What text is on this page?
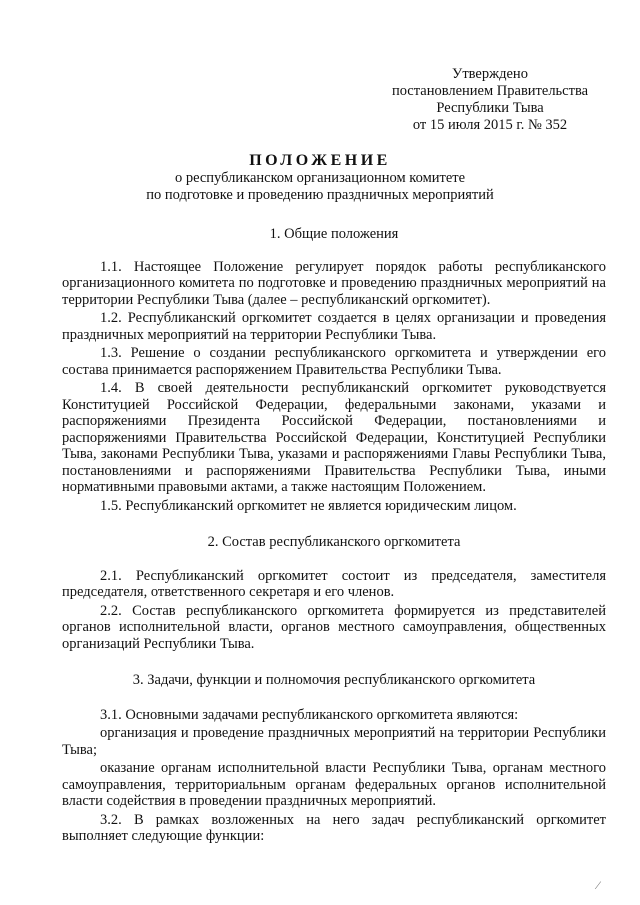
Утверждено
постановлением Правительства
Республики Тыва
от 15 июля 2015 г. № 352
ПОЛОЖЕНИЕ
о республиканском организационном комитете
по подготовке и проведению праздничных мероприятий
1. Общие положения

1.1. Настоящее Положение регулирует порядок работы республиканского организационного комитета по подготовке и проведению праздничных мероприятий на территории Республики Тыва (далее – республиканский оргкомитет).

1.2. Республиканский оргкомитет создается в целях организации и проведения праздничных мероприятий на территории Республики Тыва.

1.3. Решение о создании республиканского оргкомитета и утверждении его состава принимается распоряжением Правительства Республики Тыва.

1.4. В своей деятельности республиканский оргкомитет руководствуется Конституцией Российской Федерации, федеральными законами, указами и распоряжениями Президента Российской Федерации, постановлениями и распоряжениями Правительства Российской Федерации, Конституцией Республики Тыва, законами Республики Тыва, указами и распоряжениями Главы Республики Тыва, постановлениями и распоряжениями Правительства Республики Тыва, иными нормативными правовыми актами, а также настоящим Положением.

1.5. Республиканский оргкомитет не является юридическим лицом.

2. Состав республиканского оргкомитета

2.1. Республиканский оргкомитет состоит из председателя, заместителя председателя, ответственного секретаря и его членов.

2.2. Состав республиканского оргкомитета формируется из представителей органов исполнительной власти, органов местного самоуправления, общественных организаций Республики Тыва.

3. Задачи, функции и полномочия республиканского оргкомитета

3.1. Основными задачами республиканского оргкомитета являются:

организация и проведение праздничных мероприятий на территории Республики Тыва;

оказание органам исполнительной власти Республики Тыва, органам местного самоуправления, территориальным органам федеральных органов исполнительной власти содействия в проведении праздничных мероприятий.

3.2. В рамках возложенных на него задач республиканский оргкомитет выполняет следующие функции:

⁄
